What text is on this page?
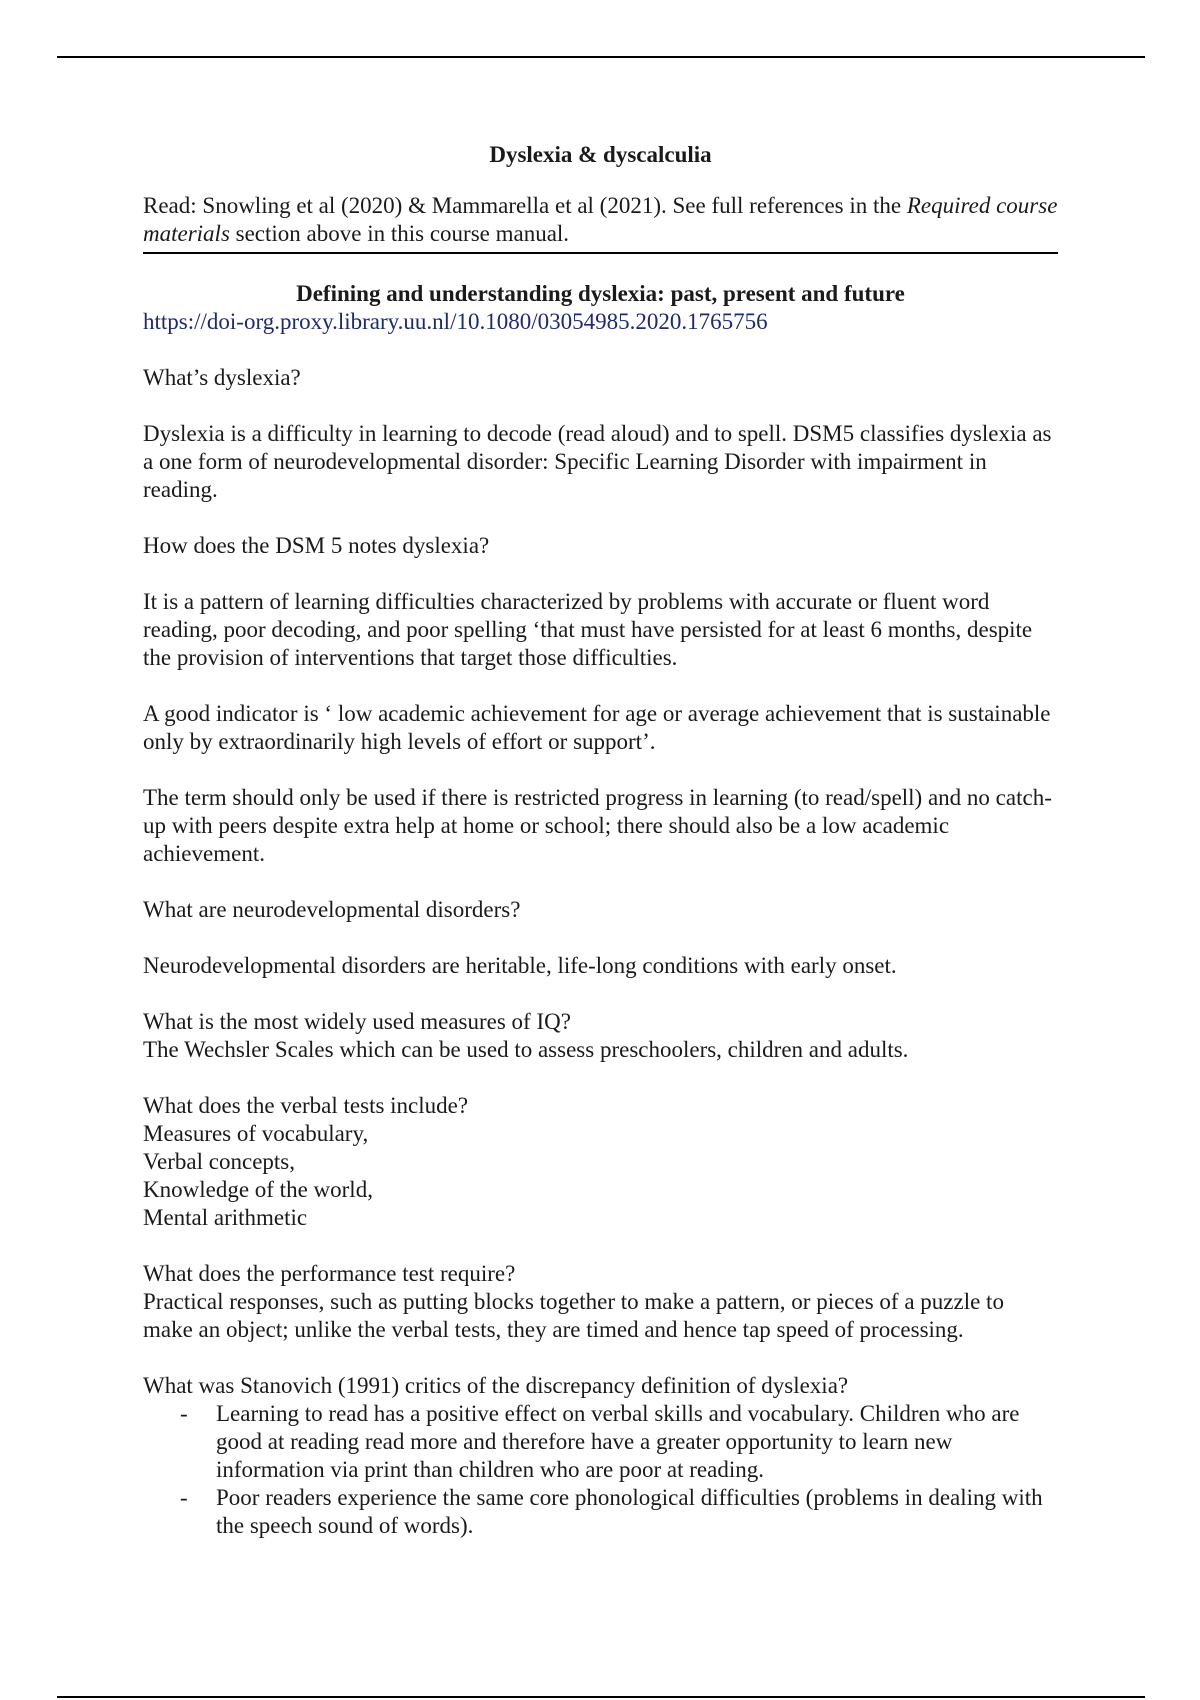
Dyslexia & dyscalculia

Read: Snowling et al (2020) & Mammarella et al (2021). See full references in the Required course materials section above in this course manual.

Defining and understanding dyslexia: past, present and future

https://doi-org.proxy.library.uu.nl/10.1080/03054985.2020.1765756

What’s dyslexia?

Dyslexia is a difficulty in learning to decode (read aloud) and to spell. DSM5 classifies dyslexia as a one form of neurodevelopmental disorder: Specific Learning Disorder with impairment in reading.

How does the DSM 5 notes dyslexia?

It is a pattern of learning difficulties characterized by problems with accurate or fluent word reading, poor decoding, and poor spelling ‘that must have persisted for at least 6 months, despite the provision of interventions that target those difficulties.

A good indicator is ‘ low academic achievement for age or average achievement that is sustainable only by extraordinarily high levels of effort or support’.

The term should only be used if there is restricted progress in learning (to read/spell) and no catch- up with peers despite extra help at home or school; there should also be a low academic achievement.

What are neurodevelopmental disorders?

Neurodevelopmental disorders are heritable, life-long conditions with early onset.

What is the most widely used measures of IQ?

The Wechsler Scales which can be used to assess preschoolers, children and adults.

What does the verbal tests include?

Measures of vocabulary,

Verbal concepts,

Knowledge of the world,

Mental arithmetic

What does the performance test require?

Practical responses, such as putting blocks together to make a pattern, or pieces of a puzzle to make an object; unlike the verbal tests, they are timed and hence tap speed of processing.

What was Stanovich (1991) critics of the discrepancy definition of dyslexia?

- Learning to read has a positive effect on verbal skills and vocabulary. Children who are good at reading read more and therefore have a greater opportunity to learn new information via print than children who are poor at reading.
- Poor readers experience the same core phonological difficulties (problems in dealing with the speech sound of words).
